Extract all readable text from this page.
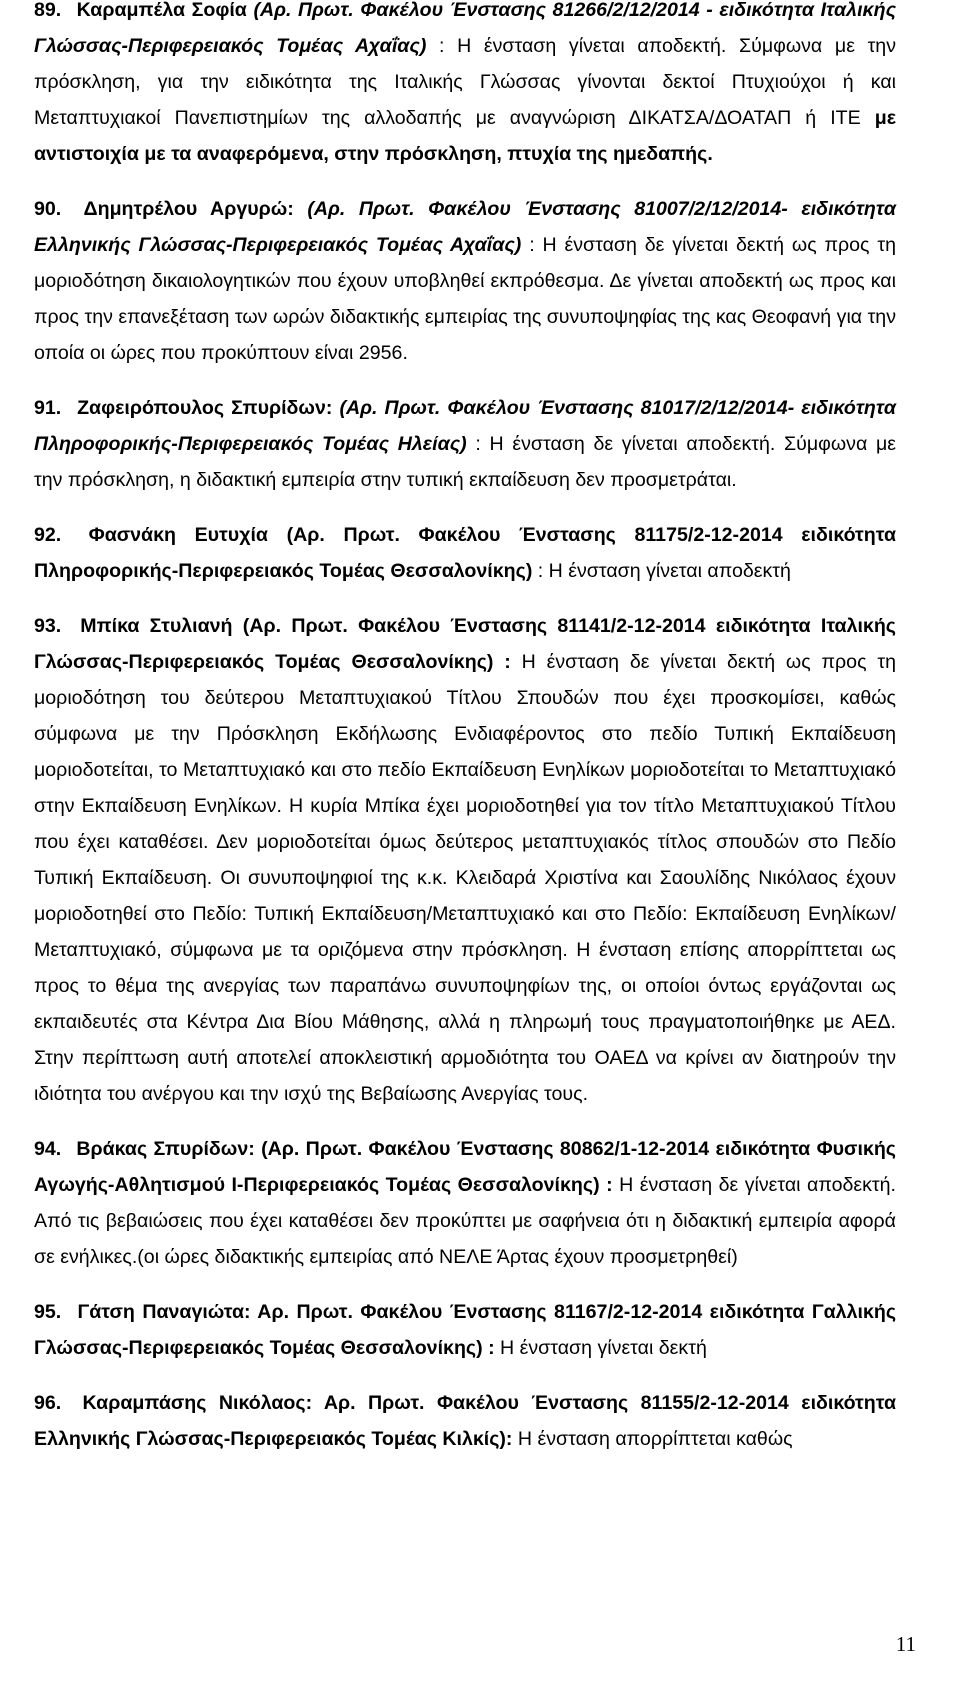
89. Καραμπέλα Σοφία (Αρ. Πρωτ. Φακέλου Ένστασης 81266/2/12/2014 - ειδικότητα Ιταλικής Γλώσσας-Περιφερειακός Τομέας Αχαΐας) : Η ένσταση γίνεται αποδεκτή. Σύμφωνα με την πρόσκληση, για την ειδικότητα της Ιταλικής Γλώσσας γίνονται δεκτοί Πτυχιούχοι ή και Μεταπτυχιακοί Πανεπιστημίων της αλλοδαπής με αναγνώριση ΔΙΚΑΤΣΑ/ΔΟΑΤΑΠ ή ΙΤΕ με αντιστοιχία με τα αναφερόμενα, στην πρόσκληση, πτυχία της ημεδαπής.

90. Δημητρέλου Αργυρώ: (Αρ. Πρωτ. Φακέλου Ένστασης 81007/2/12/2014- ειδικότητα Ελληνικής Γλώσσας-Περιφερειακός Τομέας Αχαΐας) : Η ένσταση δε γίνεται δεκτή ως προς τη μοριοδότηση δικαιολογητικών που έχουν υποβληθεί εκπρόθεσμα. Δε γίνεται αποδεκτή ως προς και προς την επανεξέταση των ωρών διδακτικής εμπειρίας της συνυποψηφίας της κας Θεοφανή για την οποία οι ώρες που προκύπτουν είναι 2956.

91. Ζαφειρόπουλος Σπυρίδων: (Αρ. Πρωτ. Φακέλου Ένστασης 81017/2/12/2014- ειδικότητα Πληροφορικής-Περιφερειακός Τομέας Ηλείας) : Η ένσταση δε γίνεται αποδεκτή. Σύμφωνα με την πρόσκληση, η διδακτική εμπειρία στην τυπική εκπαίδευση δεν προσμετράται.

92. Φασνάκη Ευτυχία (Αρ. Πρωτ. Φακέλου Ένστασης 81175/2-12-2014 ειδικότητα Πληροφορικής-Περιφερειακός Τομέας Θεσσαλονίκης) : Η ένσταση γίνεται αποδεκτή

93. Μπίκα Στυλιανή (Αρ. Πρωτ. Φακέλου Ένστασης 81141/2-12-2014 ειδικότητα Ιταλικής Γλώσσας-Περιφερειακός Τομέας Θεσσαλονίκης) : Η ένσταση δε γίνεται δεκτή ως προς τη μοριοδότηση του δεύτερου Μεταπτυχιακού Τίτλου Σπουδών που έχει προσκομίσει, καθώς σύμφωνα με την Πρόσκληση Εκδήλωσης Ενδιαφέροντος στο πεδίο Τυπική Εκπαίδευση μοριοδοτείται, το Μεταπτυχιακό και στο πεδίο Εκπαίδευση Ενηλίκων μοριοδοτείται το Μεταπτυχιακό στην Εκπαίδευση Ενηλίκων. Η κυρία Μπίκα έχει μοριοδοτηθεί για τον τίτλο Μεταπτυχιακού Τίτλου που έχει καταθέσει. Δεν μοριοδοτείται όμως δεύτερος μεταπτυχιακός τίτλος σπουδών στο Πεδίο Τυπική Εκπαίδευση. Οι συνυποψηφιοί της κ.κ. Κλειδαρά Χριστίνα και Σαουλίδης Νικόλαος έχουν μοριοδοτηθεί στο Πεδίο: Τυπική Εκπαίδευση/Μεταπτυχιακό και στο Πεδίο: Εκπαίδευση Ενηλίκων/Μεταπτυχιακό, σύμφωνα με τα οριζόμενα στην πρόσκληση. Η ένσταση επίσης απορρίπτεται ως προς το θέμα της ανεργίας των παραπάνω συνυποψηφίων της, οι οποίοι όντως εργάζονται ως εκπαιδευτές στα Κέντρα Δια Βίου Μάθησης, αλλά η πληρωμή τους πραγματοποιήθηκε με ΑΕΔ. Στην περίπτωση αυτή αποτελεί αποκλειστική αρμοδιότητα του ΟΑΕΔ να κρίνει αν διατηρούν την ιδιότητα του ανέργου και την ισχύ της Βεβαίωσης Ανεργίας τους.

94. Βράκας Σπυρίδων: (Αρ. Πρωτ. Φακέλου Ένστασης 80862/1-12-2014 ειδικότητα Φυσικής Αγωγής-Αθλητισμού Ι-Περιφερειακός Τομέας Θεσσαλονίκης) : Η ένσταση δε γίνεται αποδεκτή. Από τις βεβαιώσεις που έχει καταθέσει δεν προκύπτει με σαφήνεια ότι η διδακτική εμπειρία αφορά σε ενήλικες.(οι ώρες διδακτικής εμπειρίας από ΝΕΛΕ Άρτας έχουν προσμετρηθεί)

95. Γάτση Παναγιώτα: Αρ. Πρωτ. Φακέλου Ένστασης 81167/2-12-2014 ειδικότητα Γαλλικής Γλώσσας-Περιφερειακός Τομέας Θεσσαλονίκης) : Η ένσταση γίνεται δεκτή

96. Καραμπάσης Νικόλαος: Αρ. Πρωτ. Φακέλου Ένστασης 81155/2-12-2014 ειδικότητα Ελληνικής Γλώσσας-Περιφερειακός Τομέας Κιλκίς): Η ένσταση απορρίπτεται καθώς

11
